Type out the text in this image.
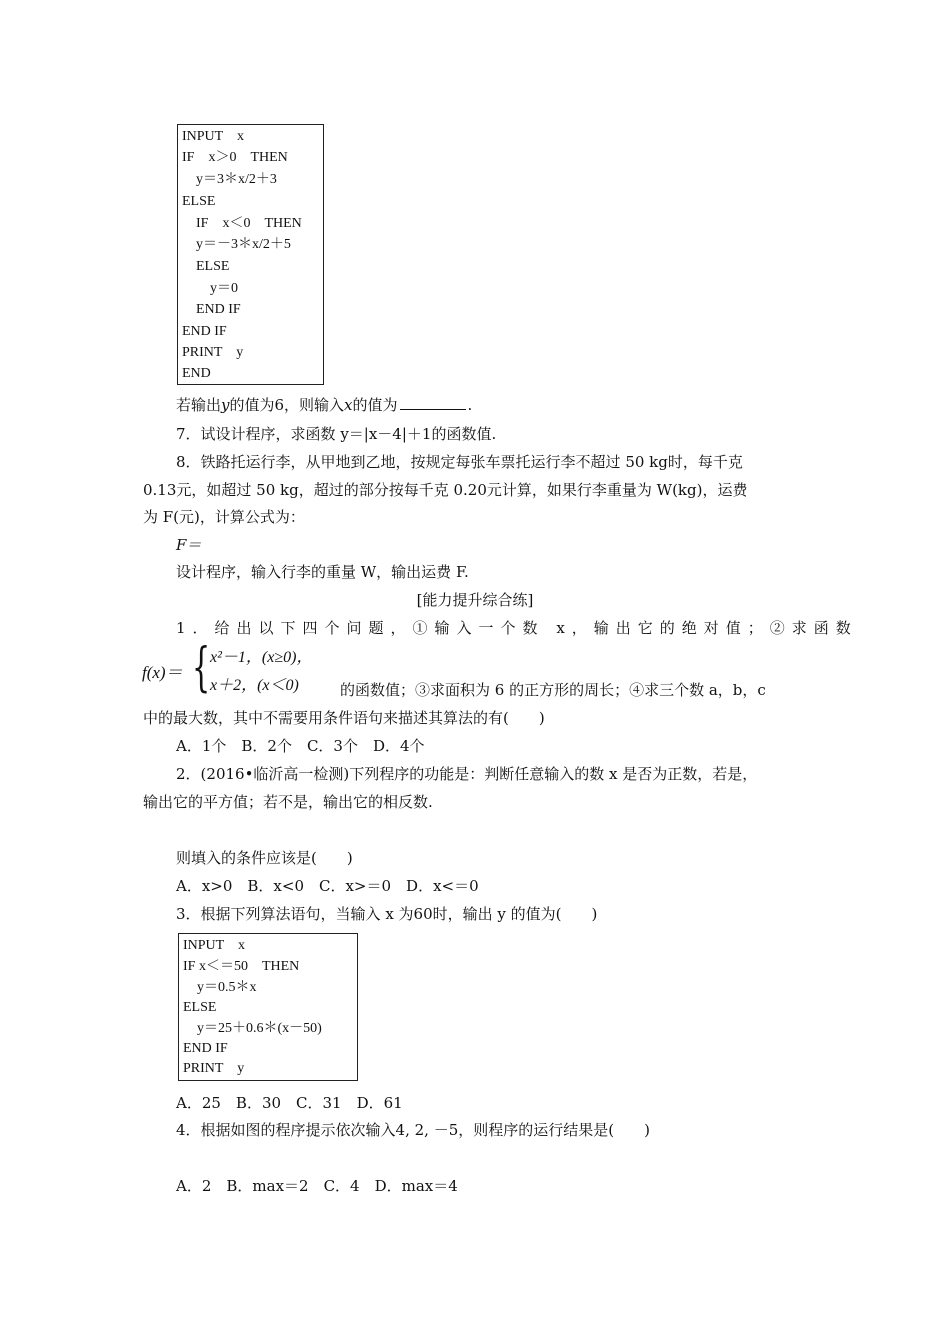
INPUT　x
IF　x＞0　THEN
　y＝3＊x/2＋3
ELSE
　IF　x＜0　THEN
　y＝－3＊x/2＋5
　ELSE
　　y＝0
　END IF
END IF
PRINT　y
END
若输出y的值为6，则输入x的值为	.
7．试设计程序，求函数 y＝|x－4|＋1的函数值.
8．铁路托运行李，从甲地到乙地，按规定每张车票托运行李不超过 50 kg时，每千克
0.13元，如超过 50 kg，超过的部分按每千克 0.20元计算，如果行李重量为 W(kg)，运费
为 F(元)，计算公式为：
F＝
设计程序，输入行李的重量 W，输出运费 F.
[能力提升综合练]
1．给出以下四个问题，①输入一个数 x，输出它的绝对值；②求函数
f(x)＝ { x²－1，(x≥0)，
x＋2，(x＜0)	的函数值；③求面积为 6 的正方形的周长；④求三个数 a，b，c
中的最大数，其中不需要用条件语句来描述其算法的有(　　)
A．1个　B．2个　C．3个　D．4个
2．(2016•临沂高一检测)下列程序的功能是：判断任意输入的数 x 是否为正数，若是，
输出它的平方值；若不是，输出它的相反数.
则填入的条件应该是(　　)
A．x>0　B．x<0　C．x>＝0　D．x<＝0
3．根据下列算法语句，当输入 x 为60时，输出 y 的值为(　　)
INPUT　x
IF x＜＝50　THEN
　y＝0.5＊x
ELSE
　y＝25＋0.6＊(x－50)
END IF
PRINT　y
A．25　B．30　C．31　D．61
4．根据如图的程序提示依次输入4, 2, －5，则程序的运行结果是(　　)
A．2　B．max＝2　C．4　D．max＝4
